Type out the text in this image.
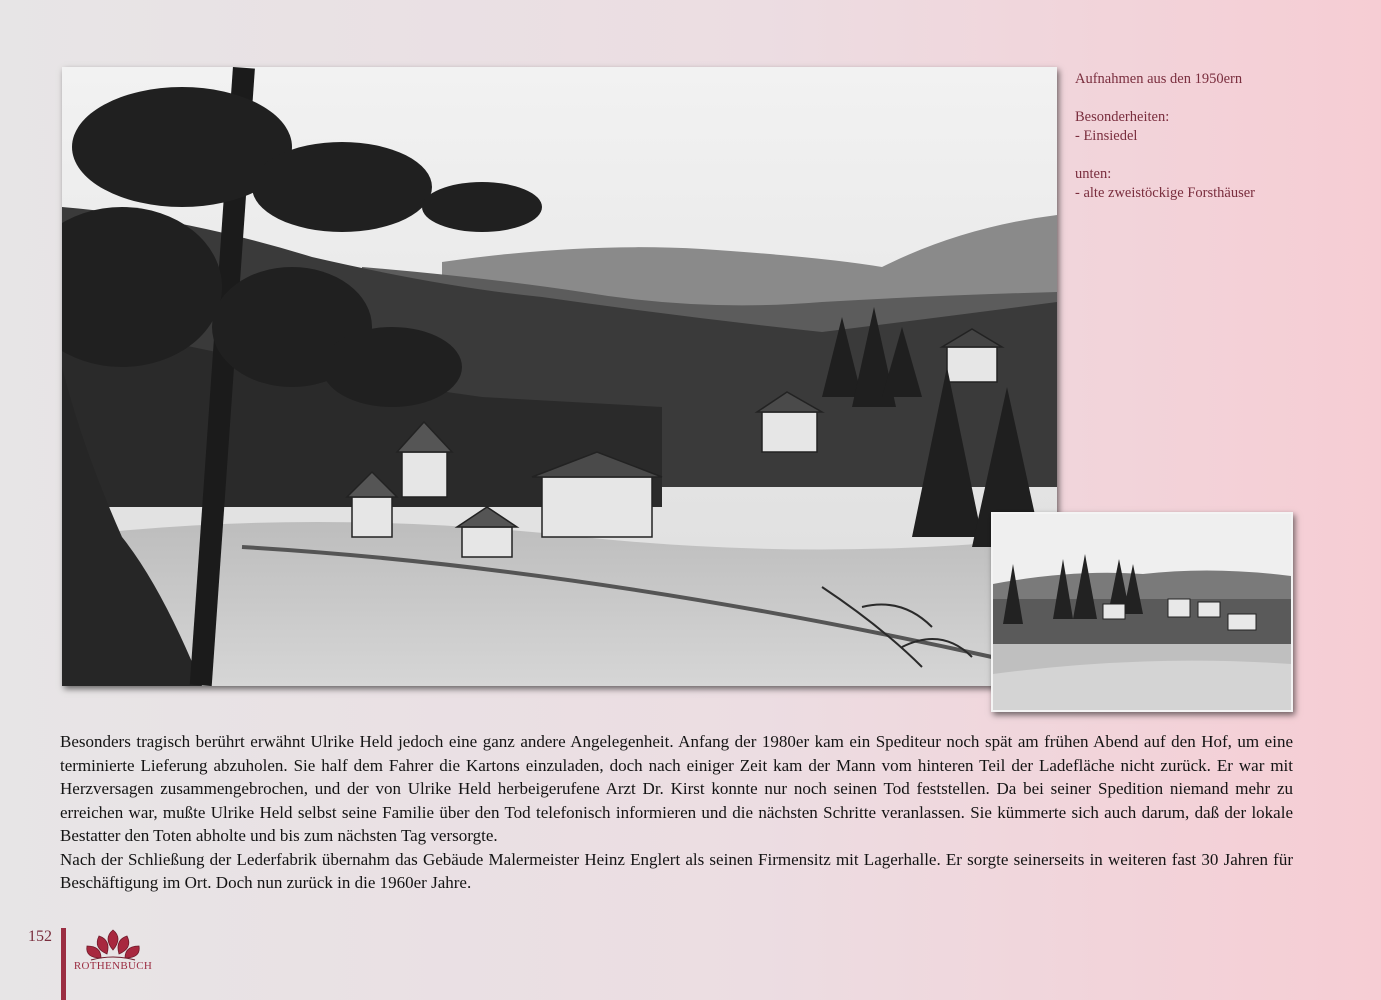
Aufnahmen aus den 1950ern

Besonderheiten:
- Einsiedel

unten:
- alte zweistöckige Forsthäuser

Besonders tragisch berührt erwähnt Ulrike Held jedoch eine ganz andere Angelegenheit. Anfang der 1980er kam ein Spediteur noch spät am frühen Abend auf den Hof, um eine terminierte Lieferung abzuholen. Sie half dem Fahrer die Kartons einzuladen, doch nach einiger Zeit kam der Mann vom hinteren Teil der Ladefläche nicht zurück. Er war mit Herzversagen zusammengebrochen, und der von Ulrike Held herbeigerufene Arzt Dr. Kirst konnte nur noch seinen Tod feststellen. Da bei seiner Spedition niemand mehr zu erreichen war, mußte Ulrike Held selbst seine Familie über den Tod telefonisch informieren und die nächsten Schritte veranlassen. Sie kümmerte sich auch darum, daß der lokale Bestatter den Toten abholte und bis zum nächsten Tag versorgte.

Nach der Schließung der Lederfabrik übernahm das Gebäude Malermeister Heinz Englert als seinen Firmensitz mit Lagerhalle. Er sorgte seinerseits in weiteren fast 30 Jahren für Beschäftigung im Ort. Doch nun zurück in die 1960er Jahre.

152
ROTHENBUCH
